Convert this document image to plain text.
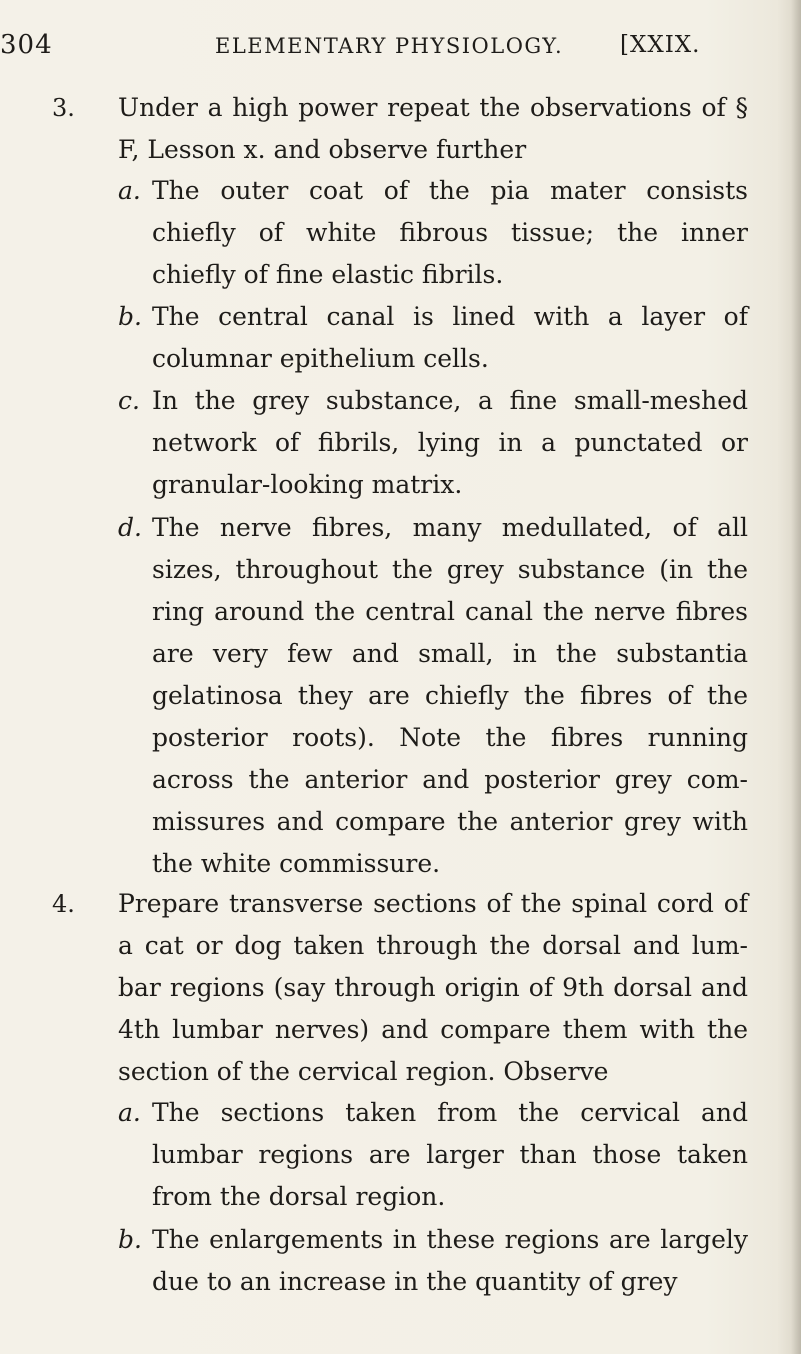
304	ELEMENTARY PHYSIOLOGY. [XXIX.
3. Under a high power repeat the observations of § F, Lesson x. and observe further
a. The outer coat of the pia mater consists chiefly of white fibrous tissue; the inner chiefly of fine elastic fibrils.
b. The central canal is lined with a layer of columnar epithelium cells.
c. In the grey substance, a fine small-meshed network of fibrils, lying in a punctated or granular-looking matrix.
d. The nerve fibres, many medullated, of all sizes, throughout the grey substance (in the ring around the central canal the nerve fibres are very few and small, in the substantia gelatinosa they are chiefly the fibres of the posterior roots). Note the fibres running across the anterior and posterior grey com- missures and compare the anterior grey with the white commissure.
4. Prepare transverse sections of the spinal cord of a cat or dog taken through the dorsal and lum- bar regions (say through origin of 9th dorsal and 4th lumbar nerves) and compare them with the section of the cervical region. Observe
a. The sections taken from the cervical and lumbar regions are larger than those taken from the dorsal region.
b. The enlargements in these regions are largely due to an increase in the quantity of grey
